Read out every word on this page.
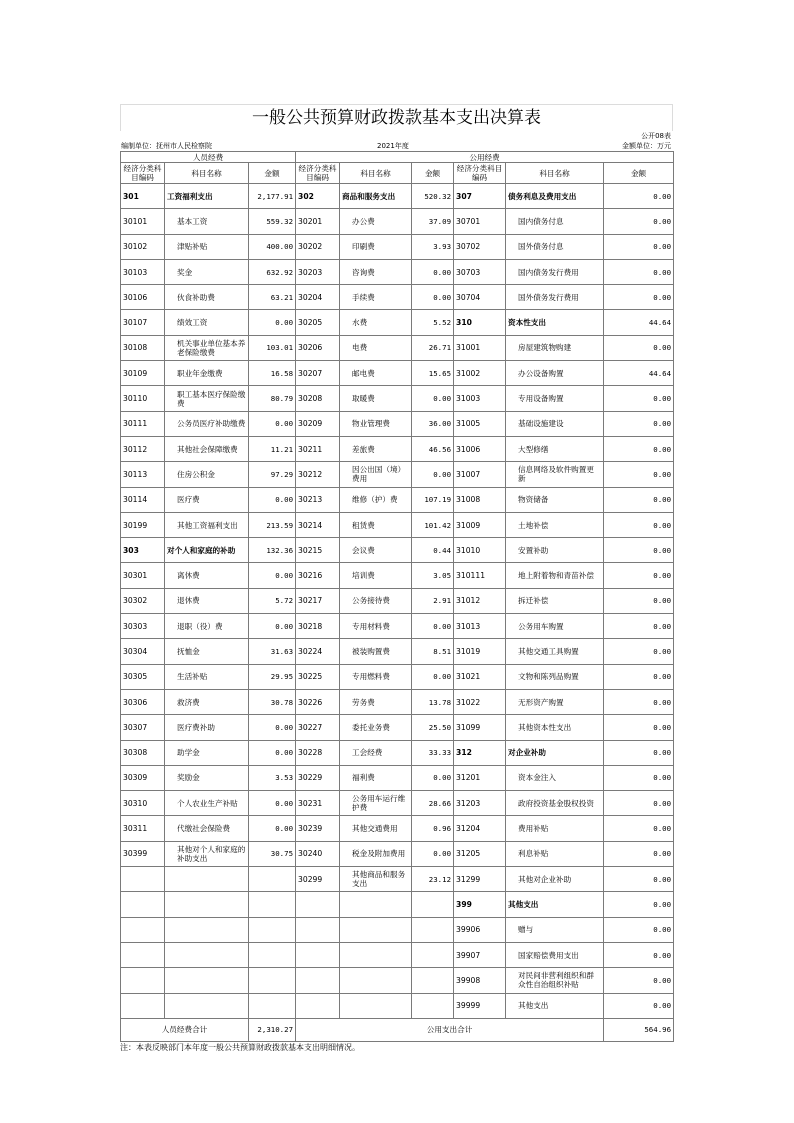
一般公共预算财政拨款基本支出决算表
公开08表
编制单位：抚州市人民检察院	2021年度	金额单位：万元
人员经费			公用经费					
经济分类科目编码	科目名称	金额	经济分类科目编码	科目名称	金额	经济分类科目编码	科目名称	金额
301	工资福利支出	2,177.91	302	商品和服务支出	520.32	307	债务利息及费用支出	0.00
30101	基本工资	559.32	30201	办公费	37.09	30701	国内债务付息	0.00
30102	津贴补贴	400.00	30202	印刷费	3.93	30702	国外债务付息	0.00
30103	奖金	632.92	30203	咨询费	0.00	30703	国内债务发行费用	0.00
30106	伙食补助费	63.21	30204	手续费	0.00	30704	国外债务发行费用	0.00
30107	绩效工资	0.00	30205	水费	5.52	310	资本性支出	44.64
30108	机关事业单位基本养老保险缴费	103.01	30206	电费	26.71	31001	房屋建筑物购建	0.00
30109	职业年金缴费	16.58	30207	邮电费	15.65	31002	办公设备购置	44.64
30110	职工基本医疗保险缴费	80.79	30208	取暖费	0.00	31003	专用设备购置	0.00
30111	公务员医疗补助缴费	0.00	30209	物业管理费	36.00	31005	基础设施建设	0.00
30112	其他社会保障缴费	11.21	30211	差旅费	46.56	31006	大型修缮	0.00
30113	住房公积金	97.29	30212	因公出国（境）费用	0.00	31007	信息网络及软件购置更新	0.00
30114	医疗费	0.00	30213	维修（护）费	107.19	31008	物资储备	0.00
30199	其他工资福利支出	213.59	30214	租赁费	101.42	31009	土地补偿	0.00
303	对个人和家庭的补助	132.36	30215	会议费	0.44	31010	安置补助	0.00
30301	离休费	0.00	30216	培训费	3.05	310111	地上附着物和青苗补偿	0.00
30302	退休费	5.72	30217	公务接待费	2.91	31012	拆迁补偿	0.00
30303	退职（役）费	0.00	30218	专用材料费	0.00	31013	公务用车购置	0.00
30304	抚恤金	31.63	30224	被装购置费	8.51	31019	其他交通工具购置	0.00
30305	生活补贴	29.95	30225	专用燃料费	0.00	31021	文物和陈列品购置	0.00
30306	救济费	30.78	30226	劳务费	13.78	31022	无形资产购置	0.00
30307	医疗费补助	0.00	30227	委托业务费	25.50	31099	其他资本性支出	0.00
30308	助学金	0.00	30228	工会经费	33.33	312	对企业补助	0.00
30309	奖励金	3.53	30229	福利费	0.00	31201	资本金注入	0.00
30310	个人农业生产补贴	0.00	30231	公务用车运行维护费	28.66	31203	政府投资基金股权投资	0.00
30311	代缴社会保险费	0.00	30239	其他交通费用	0.96	31204	费用补贴	0.00
30399	其他对个人和家庭的补助支出	30.75	30240	税金及附加费用	0.00	31205	利息补贴	0.00
			30299	其他商品和服务支出	23.12	31299	其他对企业补助	0.00
						399	其他支出	0.00
						39906	赠与	0.00
						39907	国家赔偿费用支出	0.00
						39908	对民间非营利组织和群众性自治组织补贴	0.00
						39999	其他支出	0.00
人员经费合计		2,310.27	公用支出合计					564.96
注：本表反映部门本年度一般公共预算财政拨款基本支出明细情况。
